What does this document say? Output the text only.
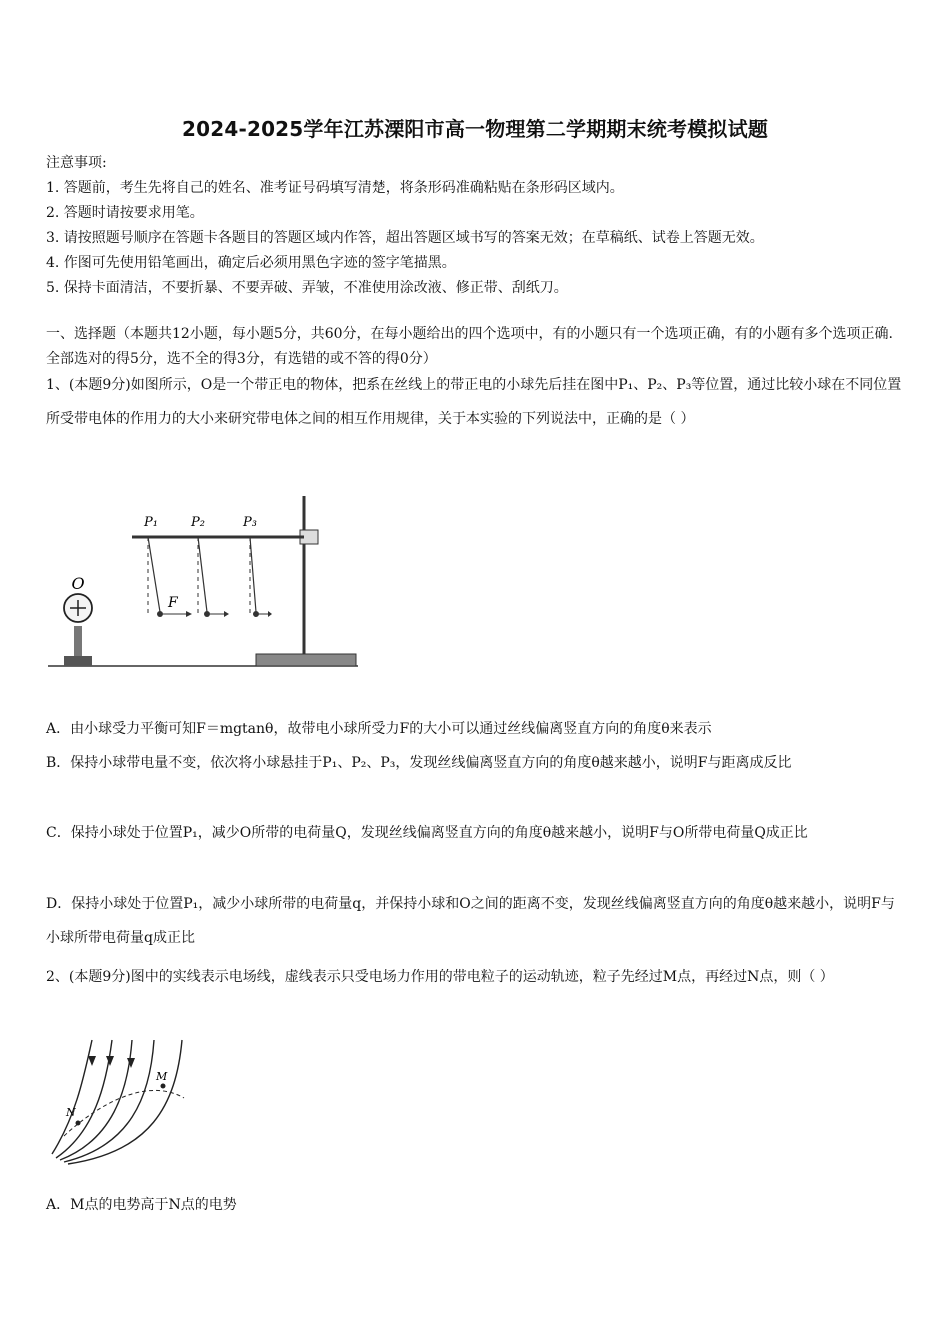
2024-2025学年江苏溧阳市高一物理第二学期期末统考模拟试题
注意事项:
1. 答题前，考生先将自己的姓名、准考证号码填写清楚，将条形码准确粘贴在条形码区域内。
2. 答题时请按要求用笔。
3. 请按照题号顺序在答题卡各题目的答题区域内作答，超出答题区域书写的答案无效；在草稿纸、试卷上答题无效。
4. 作图可先使用铅笔画出，确定后必须用黑色字迹的签字笔描黑。
5. 保持卡面清洁，不要折暴、不要弄破、弄皱，不准使用涂改液、修正带、刮纸刀。
一、选择题（本题共12小题，每小题5分，共60分，在每小题给出的四个选项中，有的小题只有一个选项正确，有的小题有多个选项正确.全部选对的得5分，选不全的得3分，有选错的或不答的得0分）
1、(本题9分)如图所示，O是一个带正电的物体，把系在丝线上的带正电的小球先后挂在图中P₁、P₂、P₃等位置，通过比较小球在不同位置所受带电体的作用力的大小来研究带电体之间的相互作用规律，关于本实验的下列说法中，正确的是（ ）
O
P₁	P₂	P₃
F
A．由小球受力平衡可知F＝mgtanθ，故带电小球所受力F的大小可以通过丝线偏离竖直方向的角度θ来表示
B．保持小球带电量不变，依次将小球悬挂于P₁、P₂、P₃，发现丝线偏离竖直方向的角度θ越来越小，说明F与距离成反比
C．保持小球处于位置P₁，减少O所带的电荷量Q，发现丝线偏离竖直方向的角度θ越来越小，说明F与O所带电荷量Q成正比
D．保持小球处于位置P₁，减少小球所带的电荷量q，并保持小球和O之间的距离不变，发现丝线偏离竖直方向的角度θ越来越小，说明F与小球所带电荷量q成正比
2、(本题9分)图中的实线表示电场线，虚线表示只受电场力作用的带电粒子的运动轨迹，粒子先经过M点，再经过N点，则（ ）
M
N
A．M点的电势高于N点的电势
